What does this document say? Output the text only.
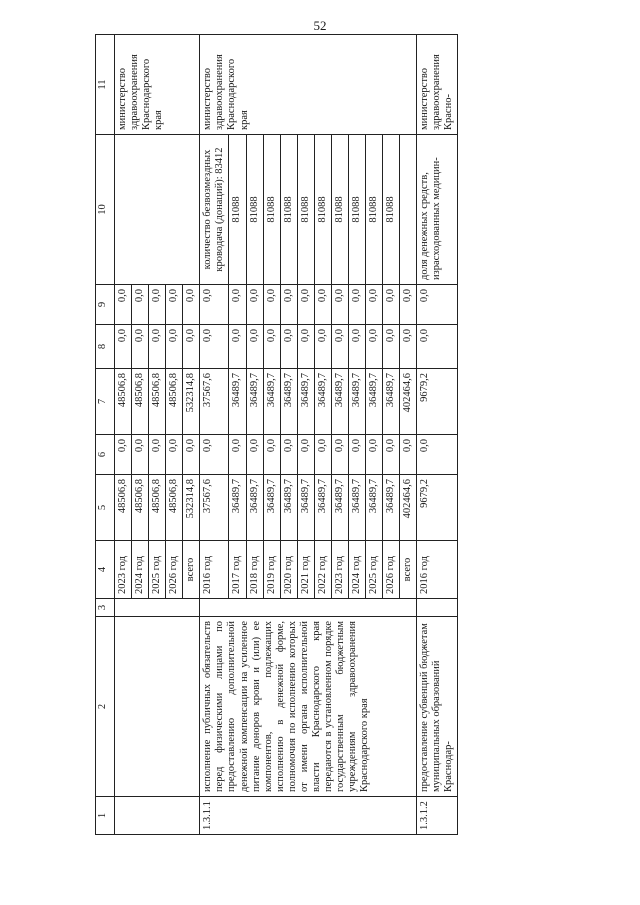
52
1	2	3	4	5	6	7	8	9	10	11
			2023 год	48506,8	0,0	48506,8	0,0	0,0		министерство здравоохранения Краснодарского края
			2024 год	48506,8	0,0	48506,8	0,0	0,0		
			2025 год	48506,8	0,0	48506,8	0,0	0,0		
			2026 год	48506,8	0,0	48506,8	0,0	0,0		
			всего	532314,8	0,0	532314,8	0,0	0,0		
1.3.1.1	исполнение публичных обязательств перед физическими лицами по предоставлению дополнительной денежной компенсации на усиленное питание доноров крови и (или) ее компонентов, подлежащих исполнению в денежной форме, полномочия по исполнению которых от имени органа исполнительной власти Краснодарского края передаются в установленном порядке государственным бюджетным учреждениям здравоохранения Краснодарского края		2016 год	37567,6	0,0	37567,6	0,0	0,0	количество безвозмездных кроводача (донаций): 83412	министерство здравоохранения Краснодарского края
			2017 год	36489,7	0,0	36489,7	0,0	0,0	81088	
			2018 год	36489,7	0,0	36489,7	0,0	0,0	81088	
			2019 год	36489,7	0,0	36489,7	0,0	0,0	81088	
			2020 год	36489,7	0,0	36489,7	0,0	0,0	81088	
			2021 год	36489,7	0,0	36489,7	0,0	0,0	81088	
			2022 год	36489,7	0,0	36489,7	0,0	0,0	81088	
			2023 год	36489,7	0,0	36489,7	0,0	0,0	81088	
			2024 год	36489,7	0,0	36489,7	0,0	0,0	81088	
			2025 год	36489,7	0,0	36489,7	0,0	0,0	81088	
			2026 год	36489,7	0,0	36489,7	0,0	0,0	81088	
			всего	402464,6	0,0	402464,6	0,0	0,0		
1.3.1.2	предоставление субвенций бюджетам муниципальных образований Краснодар-		2016 год	9679,2	0,0	9679,2	0,0	0,0	доля денежных средств, израсходованных медицин-	министерство здравоохранения Красно-
